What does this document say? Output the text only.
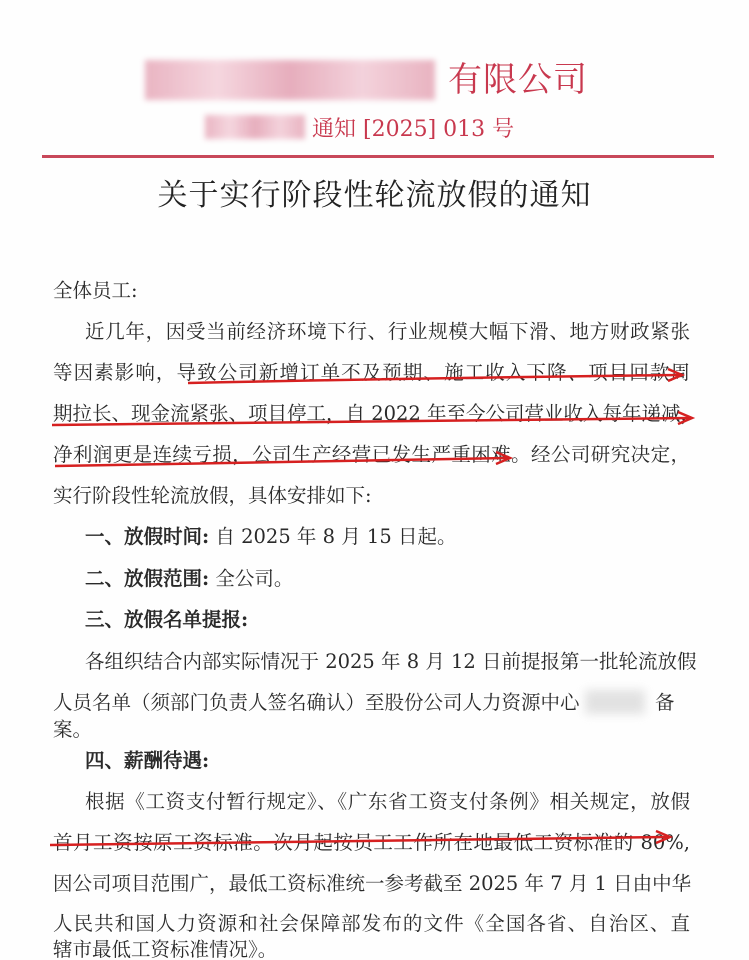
有限公司
通知 [2025] 013 号
关于实行阶段性轮流放假的通知
全体员工:
近几年，因受当前经济环境下行、行业规模大幅下滑、地方财政紧张
等因素影响，导致公司新增订单不及预期、施工收入下降、项目回款周
期拉长、现金流紧张、项目停工，自 2022 年至今公司营业收入每年递减，
净利润更是连续亏损，公司生产经营已发生严重困难。经公司研究决定，
实行阶段性轮流放假，具体安排如下:
一、放假时间: 自 2025 年 8 月 15 日起。
二、放假范围: 全公司。
三、放假名单提报:
各组织结合内部实际情况于 2025 年 8 月 12 日前提报第一批轮流放假
人员名单（须部门负责人签名确认）至股份公司人力资源中心	备
案。
四、薪酬待遇:
根据《工资支付暂行规定》、《广东省工资支付条例》相关规定，放假
首月工资按原工资标准。次月起按员工工作所在地最低工资标准的 80%,
因公司项目范围广，最低工资标准统一参考截至 2025 年 7 月 1 日由中华
人民共和国人力资源和社会保障部发布的文件《全国各省、自治区、直
辖市最低工资标准情况》。
